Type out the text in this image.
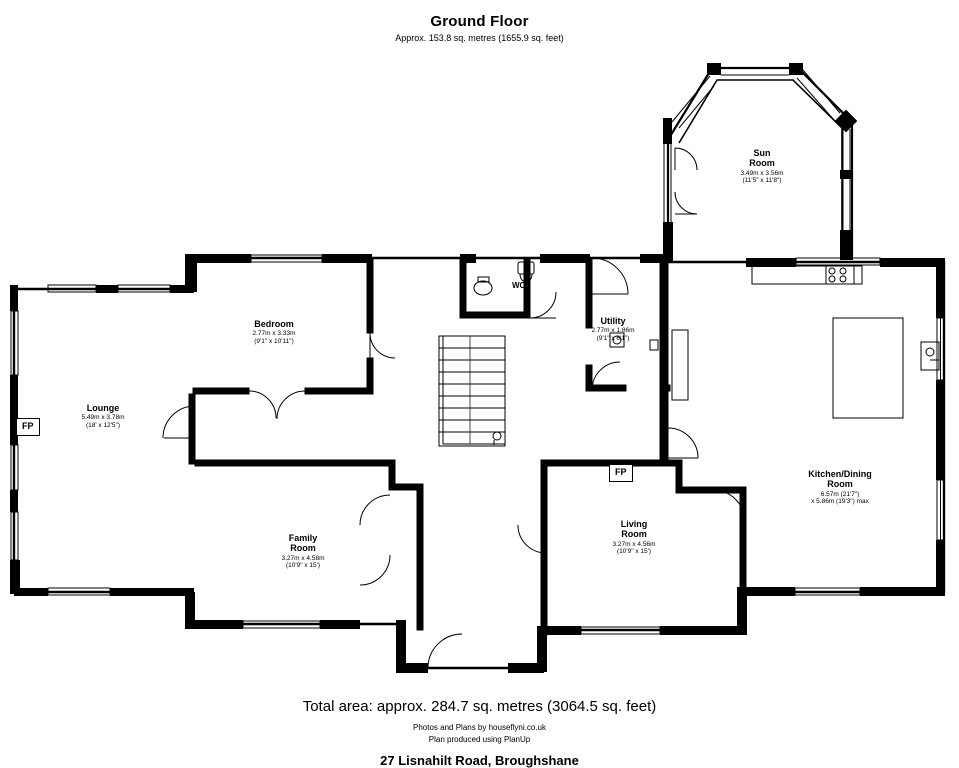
Ground Floor
Approx. 153.8 sq. metres (1655.9 sq. feet)
Sun
Room
3.49m x 3.56m
(11'5" x 11'8")
Bedroom
2.77m x 3.33m
(9'1" x 10'11")
Utility
2.77m x 1.86m
(9'1" x 6'1")
Lounge
5.49m x 3.78m
(18' x 12'5")
Kitchen/Dining
Room
6.57m (21'7")
x 5.86m (19'3") max
Family
Room
3.27m x 4.58m
(10'9" x 15')
Living
Room
3.27m x 4.56m
(10'9" x 15')
WC
FP
FP
Total area: approx. 284.7 sq. metres (3064.5 sq. feet)
Photos and Plans by houseflyni.co.uk
Plan produced using PlanUp
27 Lisnahilt Road, Broughshane
